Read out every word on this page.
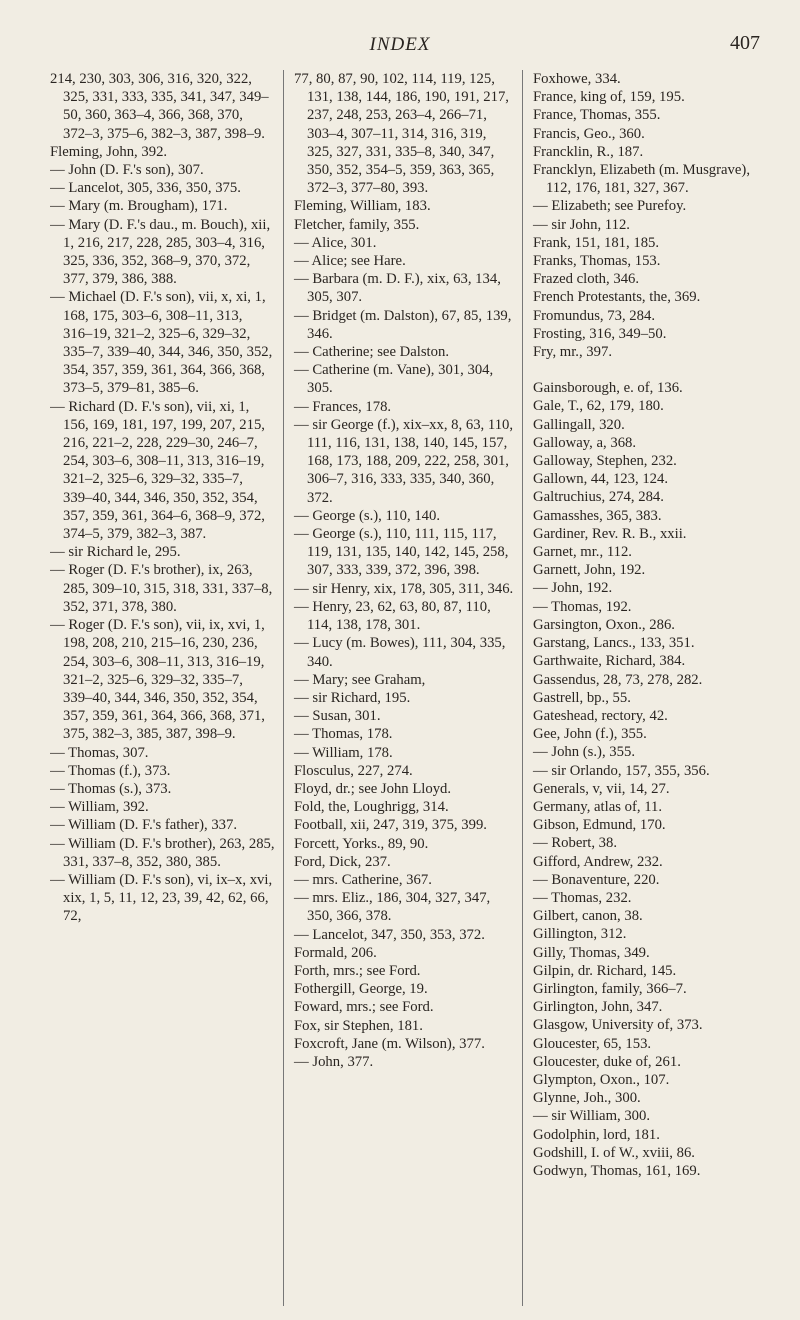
INDEX	407
214, 230, 303, 306, 316, 320, 322, 325, 331, 333, 335, 341, 347, 349–50, 360, 363–4, 366, 368, 370, 372–3, 375–6, 382–3, 387, 398–9.
Fleming, John, 392.
— John (D. F.'s son), 307.
— Lancelot, 305, 336, 350, 375.
— Mary (m. Brougham), 171.
— Mary (D. F.'s dau., m. Bouch), xii, 1, 216, 217, 228, 285, 303–4, 316, 325, 336, 352, 368–9, 370, 372, 377, 379, 386, 388.
— Michael (D. F.'s son), vii, x, xi, 1, 168, 175, 303–6, 308–11, 313, 316–19, 321–2, 325–6, 329–32, 335–7, 339–40, 344, 346, 350, 352, 354, 357, 359, 361, 364, 366, 368, 373–5, 379–81, 385–6.
— Richard (D. F.'s son), vii, xi, 1, 156, 169, 181, 197, 199, 207, 215, 216, 221–2, 228, 229–30, 246–7, 254, 303–6, 308–11, 313, 316–19, 321–2, 325–6, 329–32, 335–7, 339–40, 344, 346, 350, 352, 354, 357, 359, 361, 364–6, 368–9, 372, 374–5, 379, 382–3, 387.
— sir Richard le, 295.
— Roger (D. F.'s brother), ix, 263, 285, 309–10, 315, 318, 331, 337–8, 352, 371, 378, 380.
— Roger (D. F.'s son), vii, ix, xvi, 1, 198, 208, 210, 215–16, 230, 236, 254, 303–6, 308–11, 313, 316–19, 321–2, 325–6, 329–32, 335–7, 339–40, 344, 346, 350, 352, 354, 357, 359, 361, 364, 366, 368, 371, 375, 382–3, 385, 387, 398–9.
— Thomas, 307.
— Thomas (f.), 373.
— Thomas (s.), 373.
— William, 392.
— William (D. F.'s father), 337.
— William (D. F.'s brother), 263, 285, 331, 337–8, 352, 380, 385.
— William (D. F.'s son), vi, ix–x, xvi, xix, 1, 5, 11, 12, 23, 39, 42, 62, 66, 72,
77, 80, 87, 90, 102, 114, 119, 125, 131, 138, 144, 186, 190, 191, 217, 237, 248, 253, 263–4, 266–71, 303–4, 307–11, 314, 316, 319, 325, 327, 331, 335–8, 340, 347, 350, 352, 354–5, 359, 363, 365, 372–3, 377–80, 393.
Fleming, William, 183.
Fletcher, family, 355.
— Alice, 301.
— Alice; see Hare.
— Barbara (m. D. F.), xix, 63, 134, 305, 307.
— Bridget (m. Dalston), 67, 85, 139, 346.
— Catherine; see Dalston.
— Catherine (m. Vane), 301, 304, 305.
— Frances, 178.
— sir George (f.), xix–xx, 8, 63, 110, 111, 116, 131, 138, 140, 145, 157, 168, 173, 188, 209, 222, 258, 301, 306–7, 316, 333, 335, 340, 360, 372.
— George (s.), 110, 140.
— George (s.), 110, 111, 115, 117, 119, 131, 135, 140, 142, 145, 258, 307, 333, 339, 372, 396, 398.
— sir Henry, xix, 178, 305, 311, 346.
— Henry, 23, 62, 63, 80, 87, 110, 114, 138, 178, 301.
— Lucy (m. Bowes), 111, 304, 335, 340.
— Mary; see Graham,
— sir Richard, 195.
— Susan, 301.
— Thomas, 178.
— William, 178.
Flosculus, 227, 274.
Floyd, dr.; see John Lloyd.
Fold, the, Loughrigg, 314.
Football, xii, 247, 319, 375, 399.
Forcett, Yorks., 89, 90.
Ford, Dick, 237.
— mrs. Catherine, 367.
— mrs. Eliz., 186, 304, 327, 347, 350, 366, 378.
— Lancelot, 347, 350, 353, 372.
Formald, 206.
Forth, mrs.; see Ford.
Fothergill, George, 19.
Foward, mrs.; see Ford.
Fox, sir Stephen, 181.
Foxcroft, Jane (m. Wilson), 377.
— John, 377.
Foxhowe, 334.
France, king of, 159, 195.
France, Thomas, 355.
Francis, Geo., 360.
Francklin, R., 187.
Francklyn, Elizabeth (m. Musgrave), 112, 176, 181, 327, 367.
— Elizabeth; see Purefoy.
— sir John, 112.
Frank, 151, 181, 185.
Franks, Thomas, 153.
Frazed cloth, 346.
French Protestants, the, 369.
Fromundus, 73, 284.
Frosting, 316, 349–50.
Fry, mr., 397.
Gainsborough, e. of, 136.
Gale, T., 62, 179, 180.
Gallingall, 320.
Galloway, a, 368.
Galloway, Stephen, 232.
Gallown, 44, 123, 124.
Galtruchius, 274, 284.
Gamasshes, 365, 383.
Gardiner, Rev. R. B., xxii.
Garnet, mr., 112.
Garnett, John, 192.
— John, 192.
— Thomas, 192.
Garsington, Oxon., 286.
Garstang, Lancs., 133, 351.
Garthwaite, Richard, 384.
Gassendus, 28, 73, 278, 282.
Gastrell, bp., 55.
Gateshead, rectory, 42.
Gee, John (f.), 355.
— John (s.), 355.
— sir Orlando, 157, 355, 356.
Generals, v, vii, 14, 27.
Germany, atlas of, 11.
Gibson, Edmund, 170.
— Robert, 38.
Gifford, Andrew, 232.
— Bonaventure, 220.
— Thomas, 232.
Gilbert, canon, 38.
Gillington, 312.
Gilly, Thomas, 349.
Gilpin, dr. Richard, 145.
Girlington, family, 366–7.
Girlington, John, 347.
Glasgow, University of, 373.
Gloucester, 65, 153.
Gloucester, duke of, 261.
Glympton, Oxon., 107.
Glynne, Joh., 300.
— sir William, 300.
Godolphin, lord, 181.
Godshill, I. of W., xviii, 86.
Godwyn, Thomas, 161, 169.
